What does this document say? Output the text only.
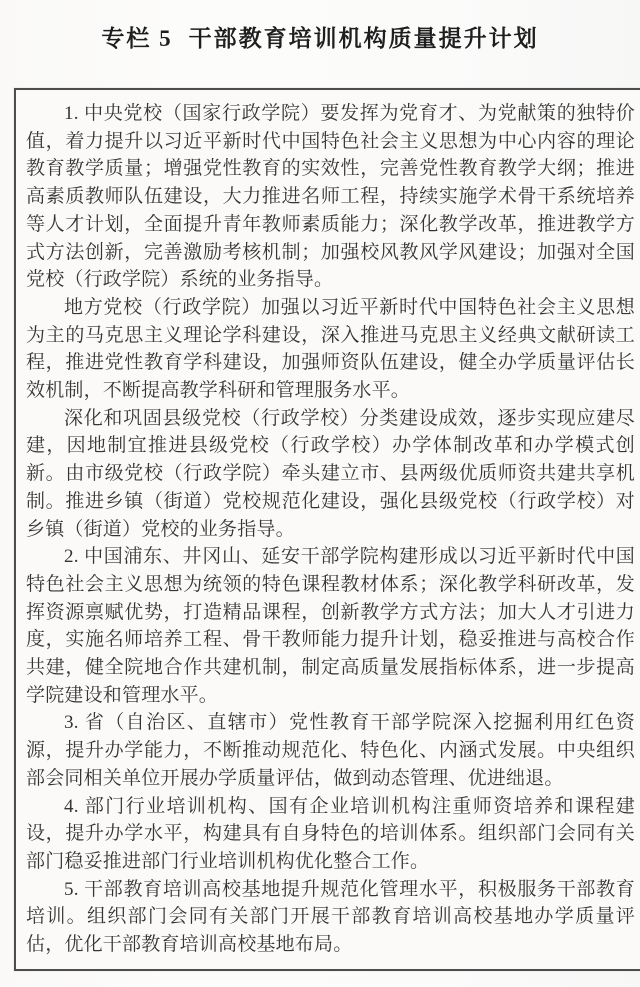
专栏 5 干部教育培训机构质量提升计划

1. 中央党校（国家行政学院）要发挥为党育才、为党献策的独特价值，着力提升以习近平新时代中国特色社会主义思想为中心内容的理论教育教学质量；增强党性教育的实效性，完善党性教育教学大纲；推进高素质教师队伍建设，大力推进名师工程，持续实施学术骨干系统培养等人才计划，全面提升青年教师素质能力；深化教学改革，推进教学方式方法创新，完善激励考核机制；加强校风教风学风建设；加强对全国党校（行政学院）系统的业务指导。

地方党校（行政学院）加强以习近平新时代中国特色社会主义思想为主的马克思主义理论学科建设，深入推进马克思主义经典文献研读工程，推进党性教育学科建设，加强师资队伍建设，健全办学质量评估长效机制，不断提高教学科研和管理服务水平。

深化和巩固县级党校（行政学校）分类建设成效，逐步实现应建尽建，因地制宜推进县级党校（行政学校）办学体制改革和办学模式创新。由市级党校（行政学院）牵头建立市、县两级优质师资共建共享机制。推进乡镇（街道）党校规范化建设，强化县级党校（行政学校）对乡镇（街道）党校的业务指导。

2. 中国浦东、井冈山、延安干部学院构建形成以习近平新时代中国特色社会主义思想为统领的特色课程教材体系；深化教学科研改革，发挥资源禀赋优势，打造精品课程，创新教学方式方法；加大人才引进力度，实施名师培养工程、骨干教师能力提升计划，稳妥推进与高校合作共建，健全院地合作共建机制，制定高质量发展指标体系，进一步提高学院建设和管理水平。

3. 省（自治区、直辖市）党性教育干部学院深入挖掘利用红色资源，提升办学能力，不断推动规范化、特色化、内涵式发展。中央组织部会同相关单位开展办学质量评估，做到动态管理、优进绌退。

4. 部门行业培训机构、国有企业培训机构注重师资培养和课程建设，提升办学水平，构建具有自身特色的培训体系。组织部门会同有关部门稳妥推进部门行业培训机构优化整合工作。

5. 干部教育培训高校基地提升规范化管理水平，积极服务干部教育培训。组织部门会同有关部门开展干部教育培训高校基地办学质量评估，优化干部教育培训高校基地布局。
